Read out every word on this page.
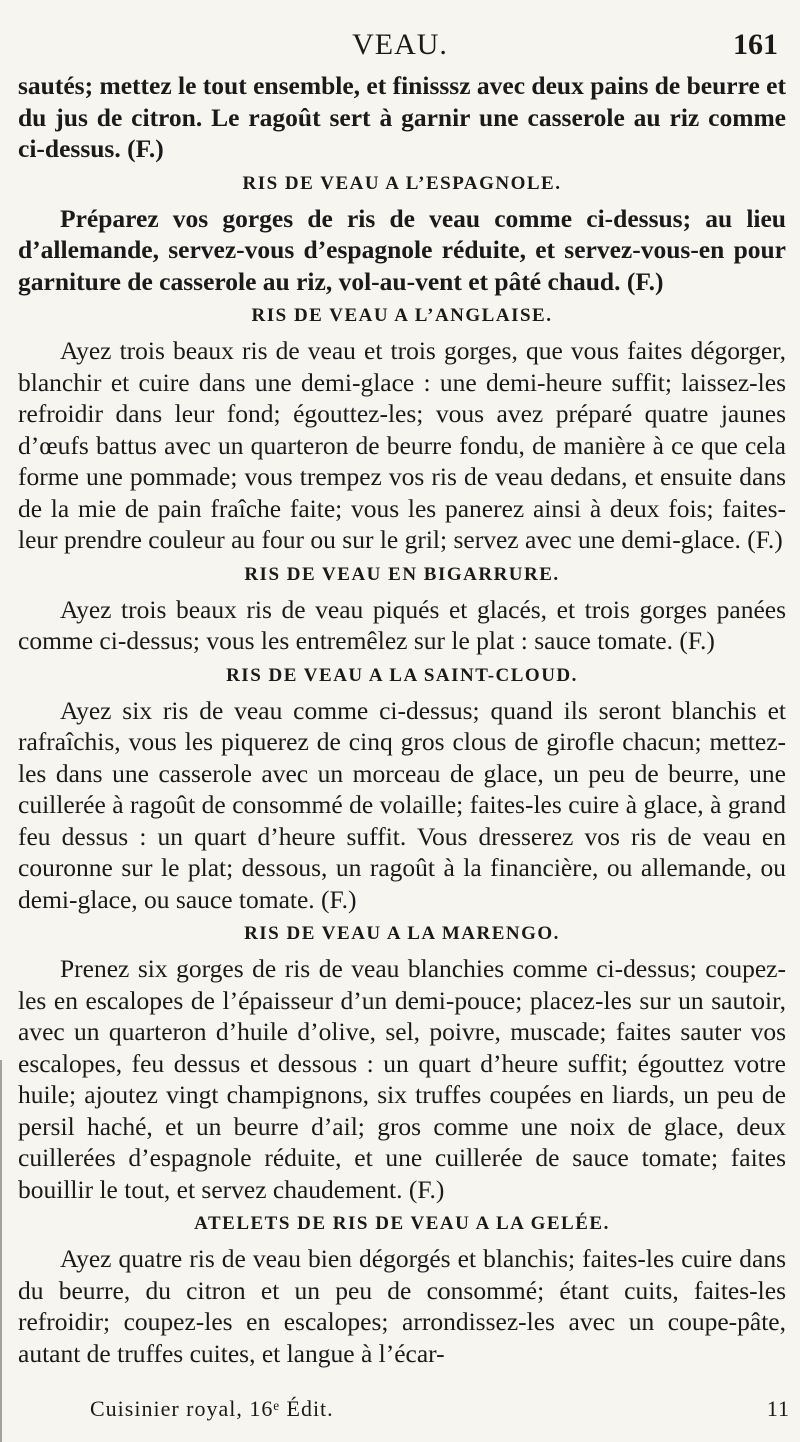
VEAU.	161

sautés; mettez le tout ensemble, et finisssz avec deux pains de beurre et du jus de citron. Le ragoût sert à garnir une casserole au riz comme ci-dessus. (F.)

RIS DE VEAU A L’ESPAGNOLE.

Préparez vos gorges de ris de veau comme ci-dessus; au lieu d’allemande, servez-vous d’espagnole réduite, et servez-vous-en pour garniture de casserole au riz, vol-au-vent et pâté chaud. (F.)

RIS DE VEAU A L’ANGLAISE.

Ayez trois beaux ris de veau et trois gorges, que vous faites dégorger, blanchir et cuire dans une demi-glace : une demi-heure suffit; laissez-les refroidir dans leur fond; égouttez-les; vous avez préparé quatre jaunes d’œufs battus avec un quarteron de beurre fondu, de manière à ce que cela forme une pommade; vous trempez vos ris de veau dedans, et ensuite dans de la mie de pain fraîche faite; vous les panerez ainsi à deux fois; faites-leur prendre couleur au four ou sur le gril; servez avec une demi-glace. (F.)

RIS DE VEAU EN BIGARRURE.

Ayez trois beaux ris de veau piqués et glacés, et trois gorges panées comme ci-dessus; vous les entremêlez sur le plat : sauce tomate. (F.)

RIS DE VEAU A LA SAINT-CLOUD.

Ayez six ris de veau comme ci-dessus; quand ils seront blanchis et rafraîchis, vous les piquerez de cinq gros clous de girofle chacun; mettez-les dans une casserole avec un morceau de glace, un peu de beurre, une cuillerée à ragoût de consommé de volaille; faites-les cuire à glace, à grand feu dessus : un quart d’heure suffit. Vous dresserez vos ris de veau en couronne sur le plat; dessous, un ragoût à la financière, ou allemande, ou demi-glace, ou sauce tomate. (F.)

RIS DE VEAU A LA MARENGO.

Prenez six gorges de ris de veau blanchies comme ci-dessus; coupez-les en escalopes de l’épaisseur d’un demi-pouce; placez-les sur un sautoir, avec un quarteron d’huile d’olive, sel, poivre, muscade; faites sauter vos escalopes, feu dessus et dessous : un quart d’heure suffit; égouttez votre huile; ajoutez vingt champignons, six truffes coupées en liards, un peu de persil haché, et un beurre d’ail; gros comme une noix de glace, deux cuillerées d’espagnole réduite, et une cuillerée de sauce tomate; faites bouillir le tout, et servez chaudement. (F.)

ATELETS DE RIS DE VEAU A LA GELÉE.

Ayez quatre ris de veau bien dégorgés et blanchis; faites-les cuire dans du beurre, du citron et un peu de consommé; étant cuits, faites-les refroidir; coupez-les en escalopes; arrondissez-les avec un coupe-pâte, autant de truffes cuites, et langue à l’écar-

Cuisinier royal, 16ᵉ Édit.	11
